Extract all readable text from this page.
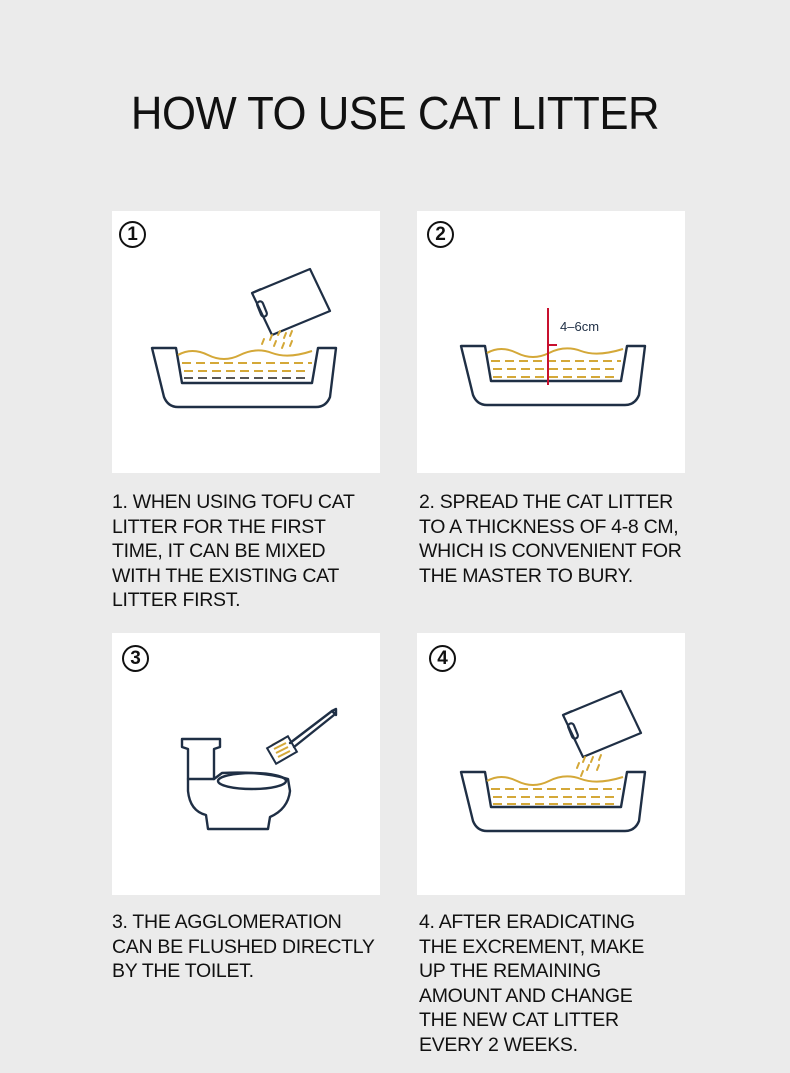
HOW TO USE CAT LITTER
1	2
4–6cm
3	4
1. WHEN USING TOFU CAT LITTER FOR THE FIRST TIME, IT CAN BE MIXED WITH THE EXISTING CAT LITTER FIRST.
2. SPREAD THE CAT LITTER TO A THICKNESS OF 4-8 CM, WHICH IS CONVENIENT FOR THE MASTER TO BURY.
3. THE AGGLOMERATION CAN BE FLUSHED DIRECTLY BY THE TOILET.
4. AFTER ERADICATING THE EXCREMENT, MAKE UP THE REMAINING AMOUNT AND CHANGE THE NEW CAT LITTER EVERY 2 WEEKS.
